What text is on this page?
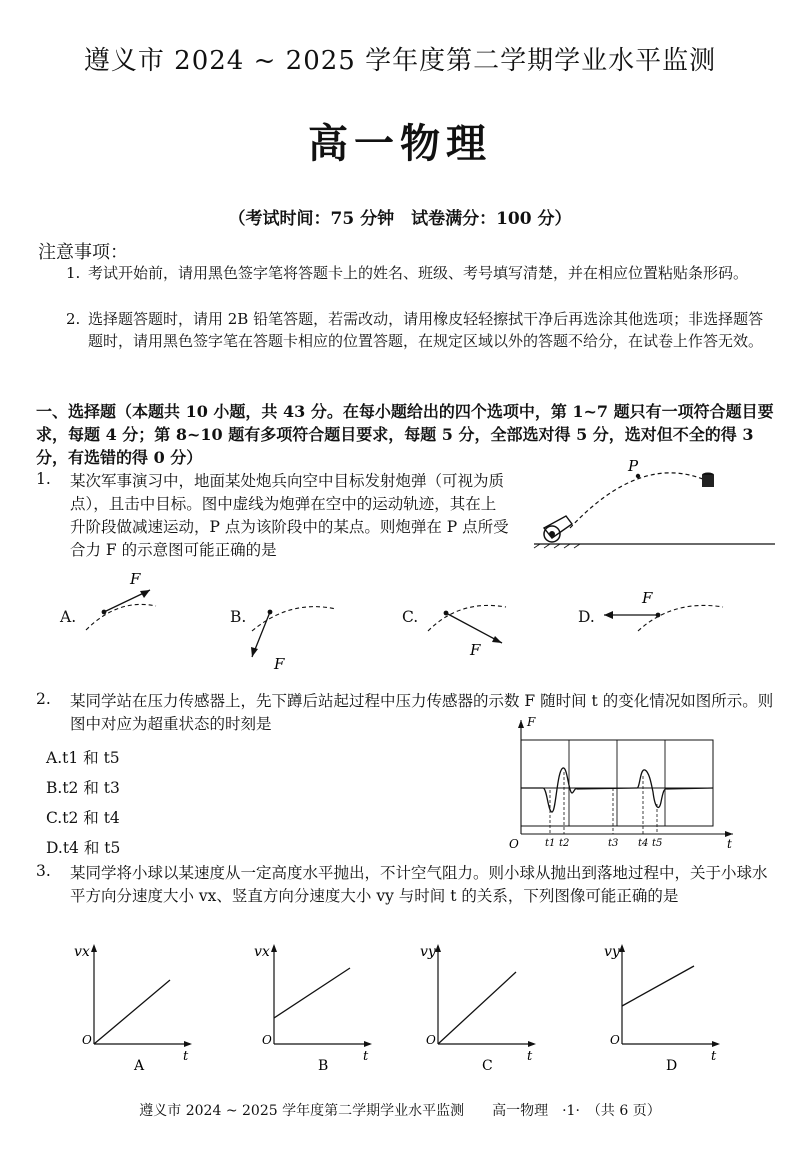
遵义市 2024 ~ 2025 学年度第二学期学业水平监测
高一物理
（考试时间：75 分钟　试卷满分：100 分）
注意事项：
1. 考试开始前，请用黑色签字笔将答题卡上的姓名、班级、考号填写清楚，并在相应位置粘贴条形码。
2. 选择题答题时，请用 2B 铅笔答题，若需改动，请用橡皮轻轻擦拭干净后再选涂其他选项；非选择题答题时，请用黑色签字笔在答题卡相应的位置答题，在规定区域以外的答题不给分，在试卷上作答无效。
一、选择题（本题共 10 小题，共 43 分。在每小题给出的四个选项中，第 1~7 题只有一项符合题目要求，每题 4 分；第 8~10 题有多项符合题目要求，每题 5 分，全部选对得 5 分，选对但不全的得 3 分，有选错的得 0 分）
1. 某次军事演习中，地面某处炮兵向空中目标发射炮弹（可视为质点），且击中目标。图中虚线为炮弹在空中的运动轨迹，其在上升阶段做减速运动，P 点为该阶段中的某点。则炮弹在 P 点所受合力 F 的示意图可能正确的是
P
A.
F
B.
F
C.
F
D.
F
2. 某同学站在压力传感器上，先下蹲后站起过程中压力传感器的示数 F 随时间 t 的变化情况如图所示。则图中对应为超重状态的时刻是
A.t1 和 t5
B.t2 和 t3
C.t2 和 t4
D.t4 和 t5
F
t
O	t1 t2	t3 t4 t5
3. 某同学将小球以某速度从一定高度水平抛出，不计空气阻力。则小球从抛出到落地过程中，关于小球水平方向分速度大小 vx、竖直方向分速度大小 vy 与时间 t 的关系，下列图像可能正确的是
vx
t
O
A
vx
t
O
B
vy
t
O
C
vy
t
O
D
遵义市 2024 ~ 2025 学年度第二学期学业水平监测　　高一物理　·1·　（共 6 页）
